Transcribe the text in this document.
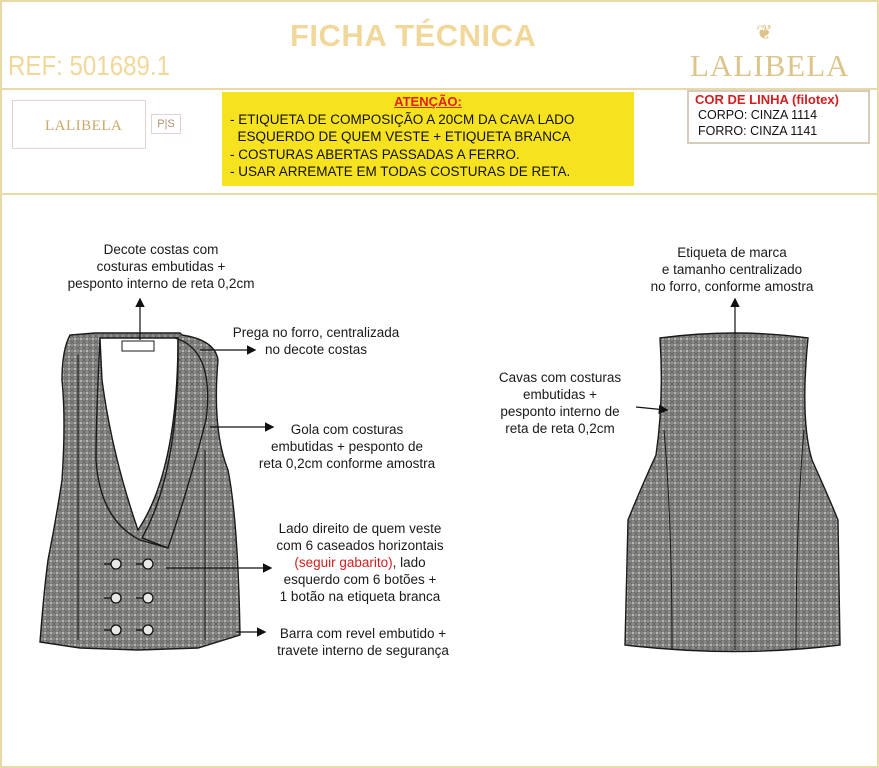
FICHA TÉCNICA
REF: 501689.1
❦
LALIBELA
LALIBELA	P|S
ATENÇÃO:
- ETIQUETA DE COMPOSIÇÃO A 20CM DA CAVA LADO
ESQUERDO DE QUEM VESTE + ETIQUETA BRANCA
- COSTURAS ABERTAS PASSADAS A FERRO.
- USAR ARREMATE EM TODAS COSTURAS DE RETA.
COR DE LINHA (filotex)
CORPO: CINZA 1114
FORRO: CINZA 1141
Decote costas com
costuras embutidas +
pesponto interno de reta 0,2cm
Prega no forro, centralizada
no decote costas
Gola com costuras
embutidas + pesponto de
reta 0,2cm conforme amostra
Lado direito de quem veste
com 6 caseados horizontais
(seguir gabarito), lado
esquerdo com 6 botões +
1 botão na etiqueta branca
Barra com revel embutido +
travete interno de segurança
Etiqueta de marca
e tamanho centralizado
no forro, conforme amostra
Cavas com costuras
embutidas +
pesponto interno de
reta de reta 0,2cm
